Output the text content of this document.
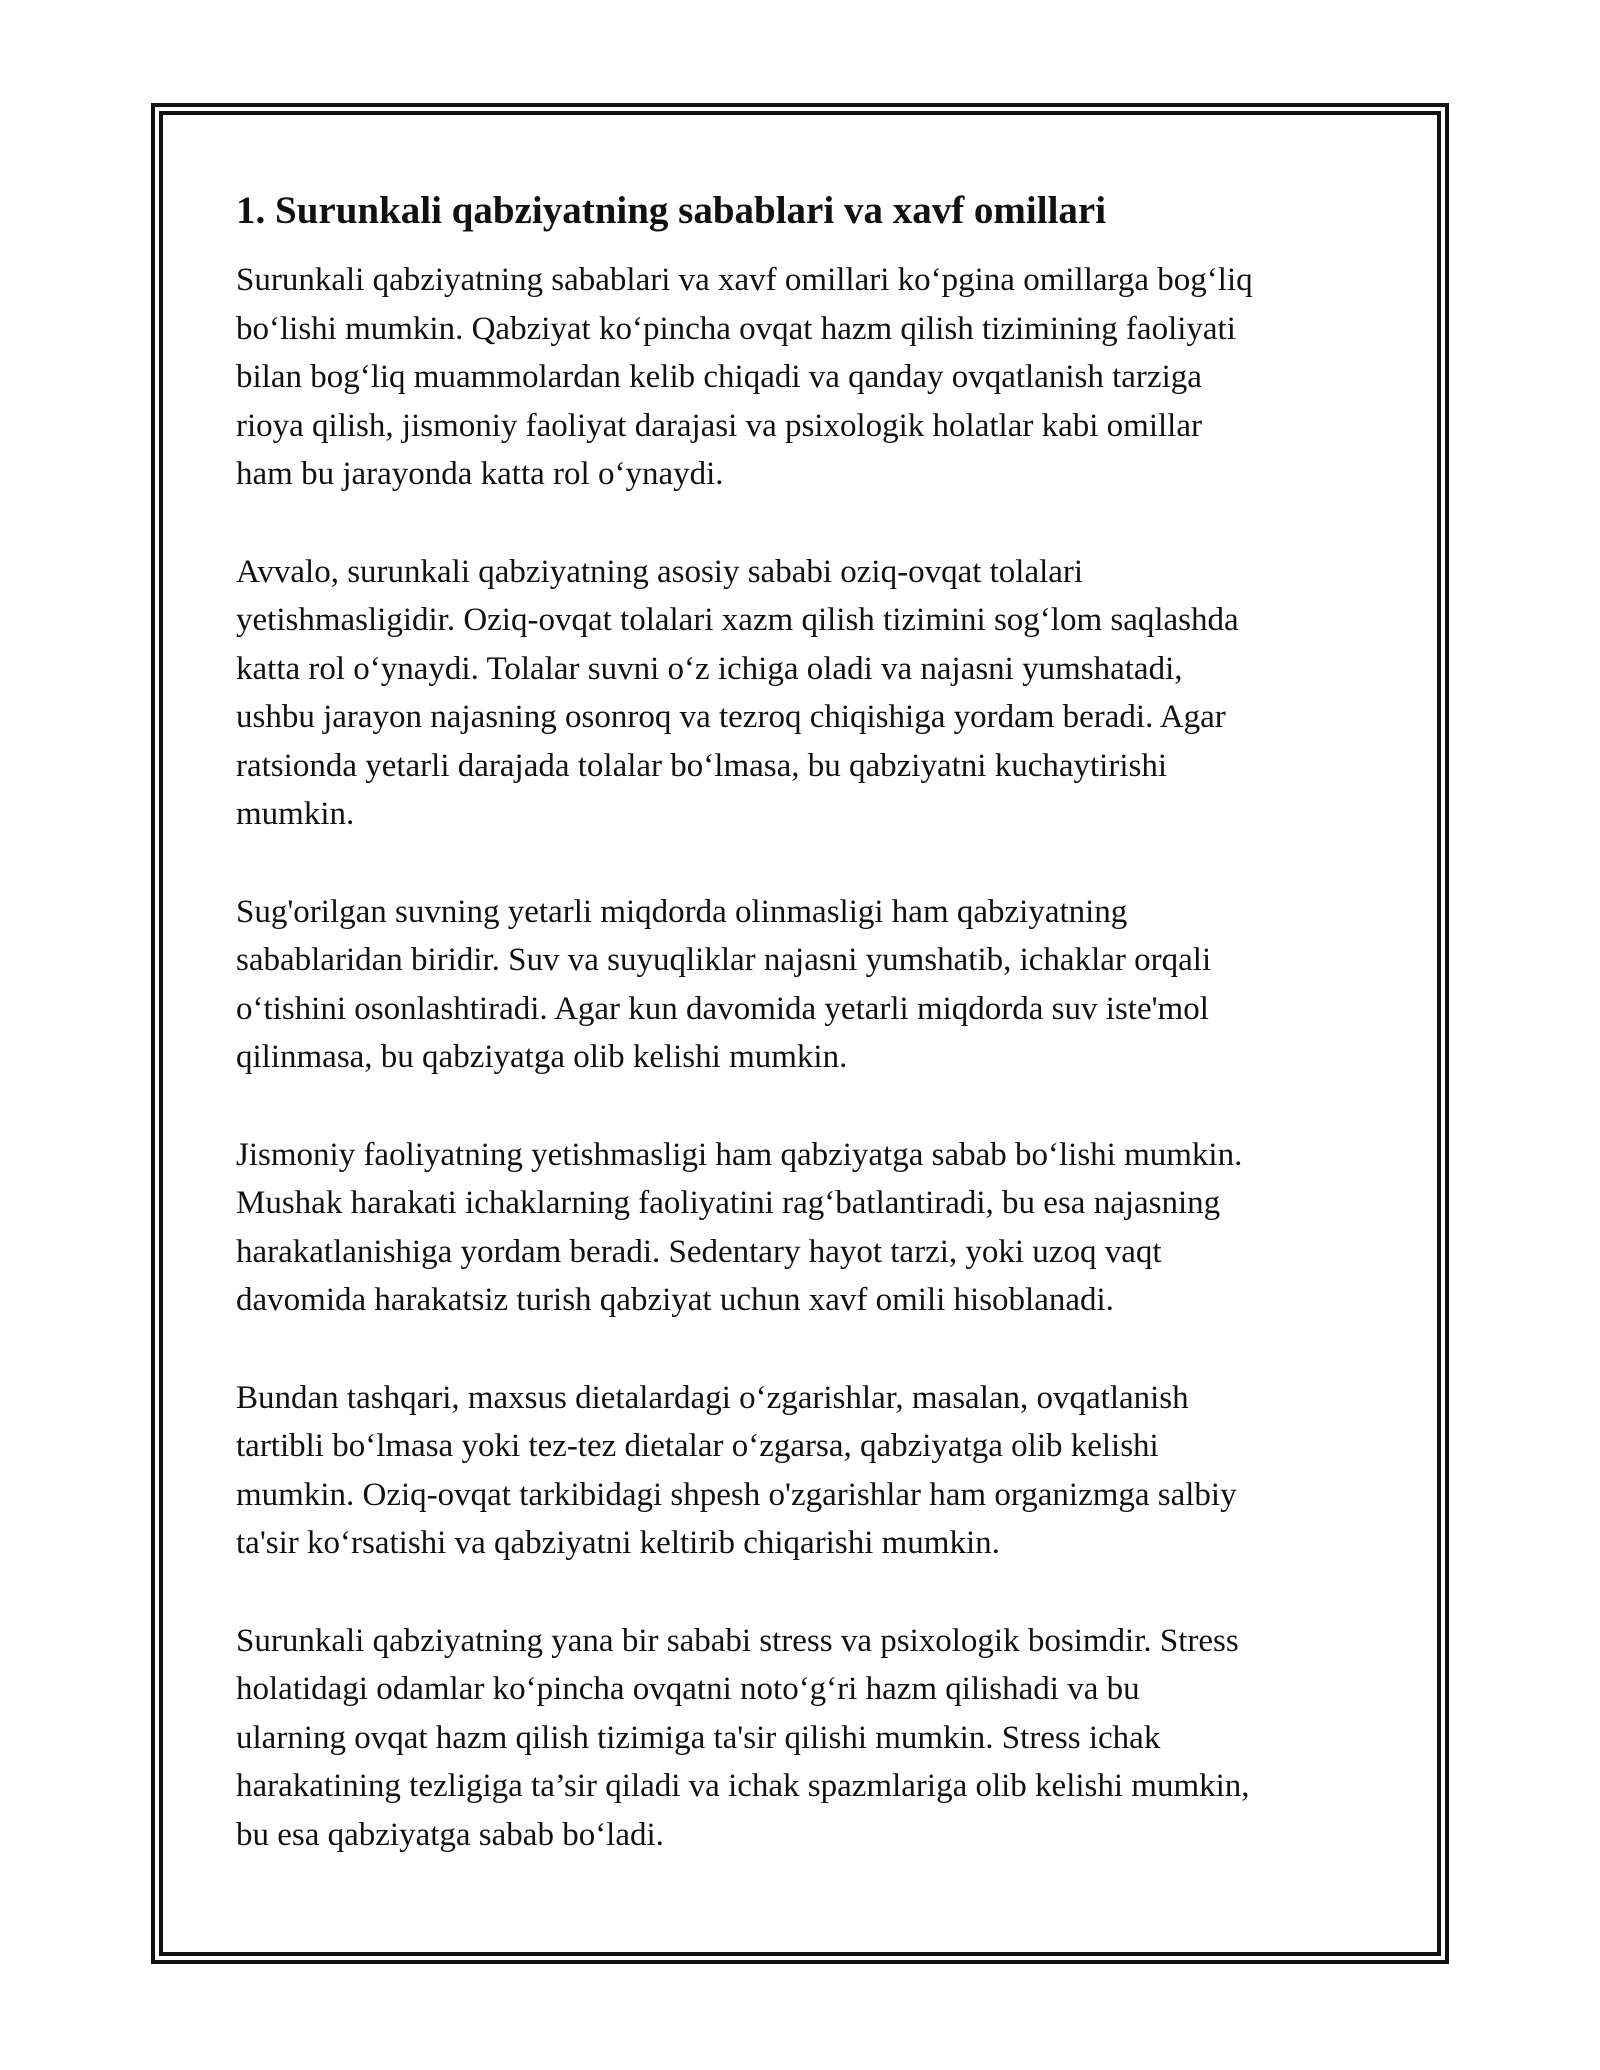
1. Surunkali qabziyatning sabablari va xavf omillari

Surunkali qabziyatning sabablari va xavf omillari ko‘pgina omillarga bog‘liq
bo‘lishi mumkin. Qabziyat ko‘pincha ovqat hazm qilish tizimining faoliyati
bilan bog‘liq muammolardan kelib chiqadi va qanday ovqatlanish tarziga
rioya qilish, jismoniy faoliyat darajasi va psixologik holatlar kabi omillar
ham bu jarayonda katta rol o‘ynaydi.

Avvalo, surunkali qabziyatning asosiy sababi oziq-ovqat tolalari
yetishmasligidir. Oziq-ovqat tolalari xazm qilish tizimini sog‘lom saqlashda
katta rol o‘ynaydi. Tolalar suvni o‘z ichiga oladi va najasni yumshatadi,
ushbu jarayon najasning osonroq va tezroq chiqishiga yordam beradi. Agar
ratsionda yetarli darajada tolalar bo‘lmasa, bu qabziyatni kuchaytirishi
mumkin.

Sug'orilgan suvning yetarli miqdorda olinmasligi ham qabziyatning
sabablaridan biridir. Suv va suyuqliklar najasni yumshatib, ichaklar orqali
o‘tishini osonlashtiradi. Agar kun davomida yetarli miqdorda suv iste'mol
qilinmasa, bu qabziyatga olib kelishi mumkin.

Jismoniy faoliyatning yetishmasligi ham qabziyatga sabab bo‘lishi mumkin.
Mushak harakati ichaklarning faoliyatini rag‘batlantiradi, bu esa najasning
harakatlanishiga yordam beradi. Sedentary hayot tarzi, yoki uzoq vaqt
davomida harakatsiz turish qabziyat uchun xavf omili hisoblanadi.

Bundan tashqari, maxsus dietalardagi o‘zgarishlar, masalan, ovqatlanish
tartibli bo‘lmasa yoki tez-tez dietalar o‘zgarsa, qabziyatga olib kelishi
mumkin. Oziq-ovqat tarkibidagi shpesh o'zgarishlar ham organizmga salbiy
ta'sir ko‘rsatishi va qabziyatni keltirib chiqarishi mumkin.

Surunkali qabziyatning yana bir sababi stress va psixologik bosimdir. Stress
holatidagi odamlar ko‘pincha ovqatni noto‘g‘ri hazm qilishadi va bu
ularning ovqat hazm qilish tizimiga ta'sir qilishi mumkin. Stress ichak
harakatining tezligiga ta’sir qiladi va ichak spazmlariga olib kelishi mumkin,
bu esa qabziyatga sabab bo‘ladi.
